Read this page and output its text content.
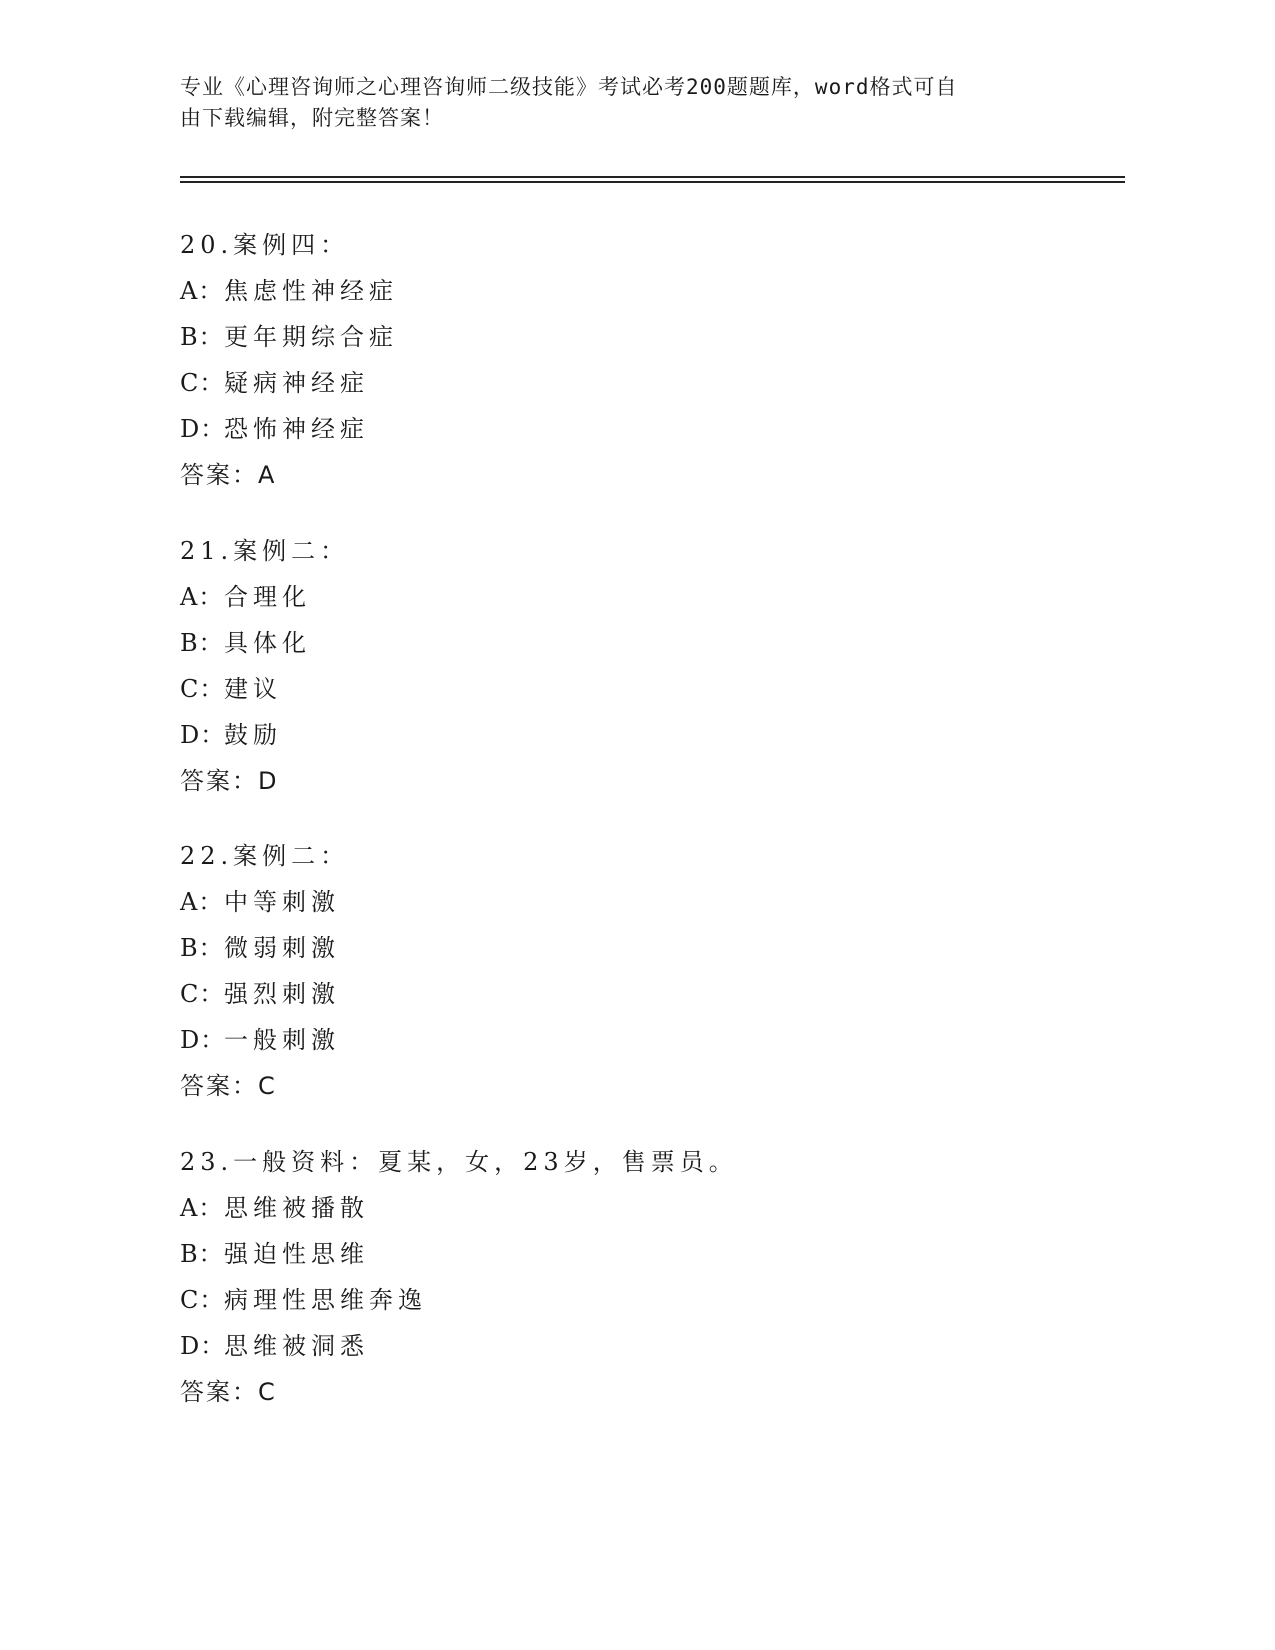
专业《心理咨询师之心理咨询师二级技能》考试必考200题题库，word格式可自
由下载编辑，附完整答案！
20.案例四：
A：焦虑性神经症
B：更年期综合症
C：疑病神经症
D：恐怖神经症
答案：A
21.案例二：
A：合理化
B：具体化
C：建议
D：鼓励
答案：D
22.案例二：
A：中等刺激
B：微弱刺激
C：强烈刺激
D：一般刺激
答案：C
23.一般资料：夏某，女，23岁，售票员。
A：思维被播散
B：强迫性思维
C：病理性思维奔逸
D：思维被洞悉
答案：C
